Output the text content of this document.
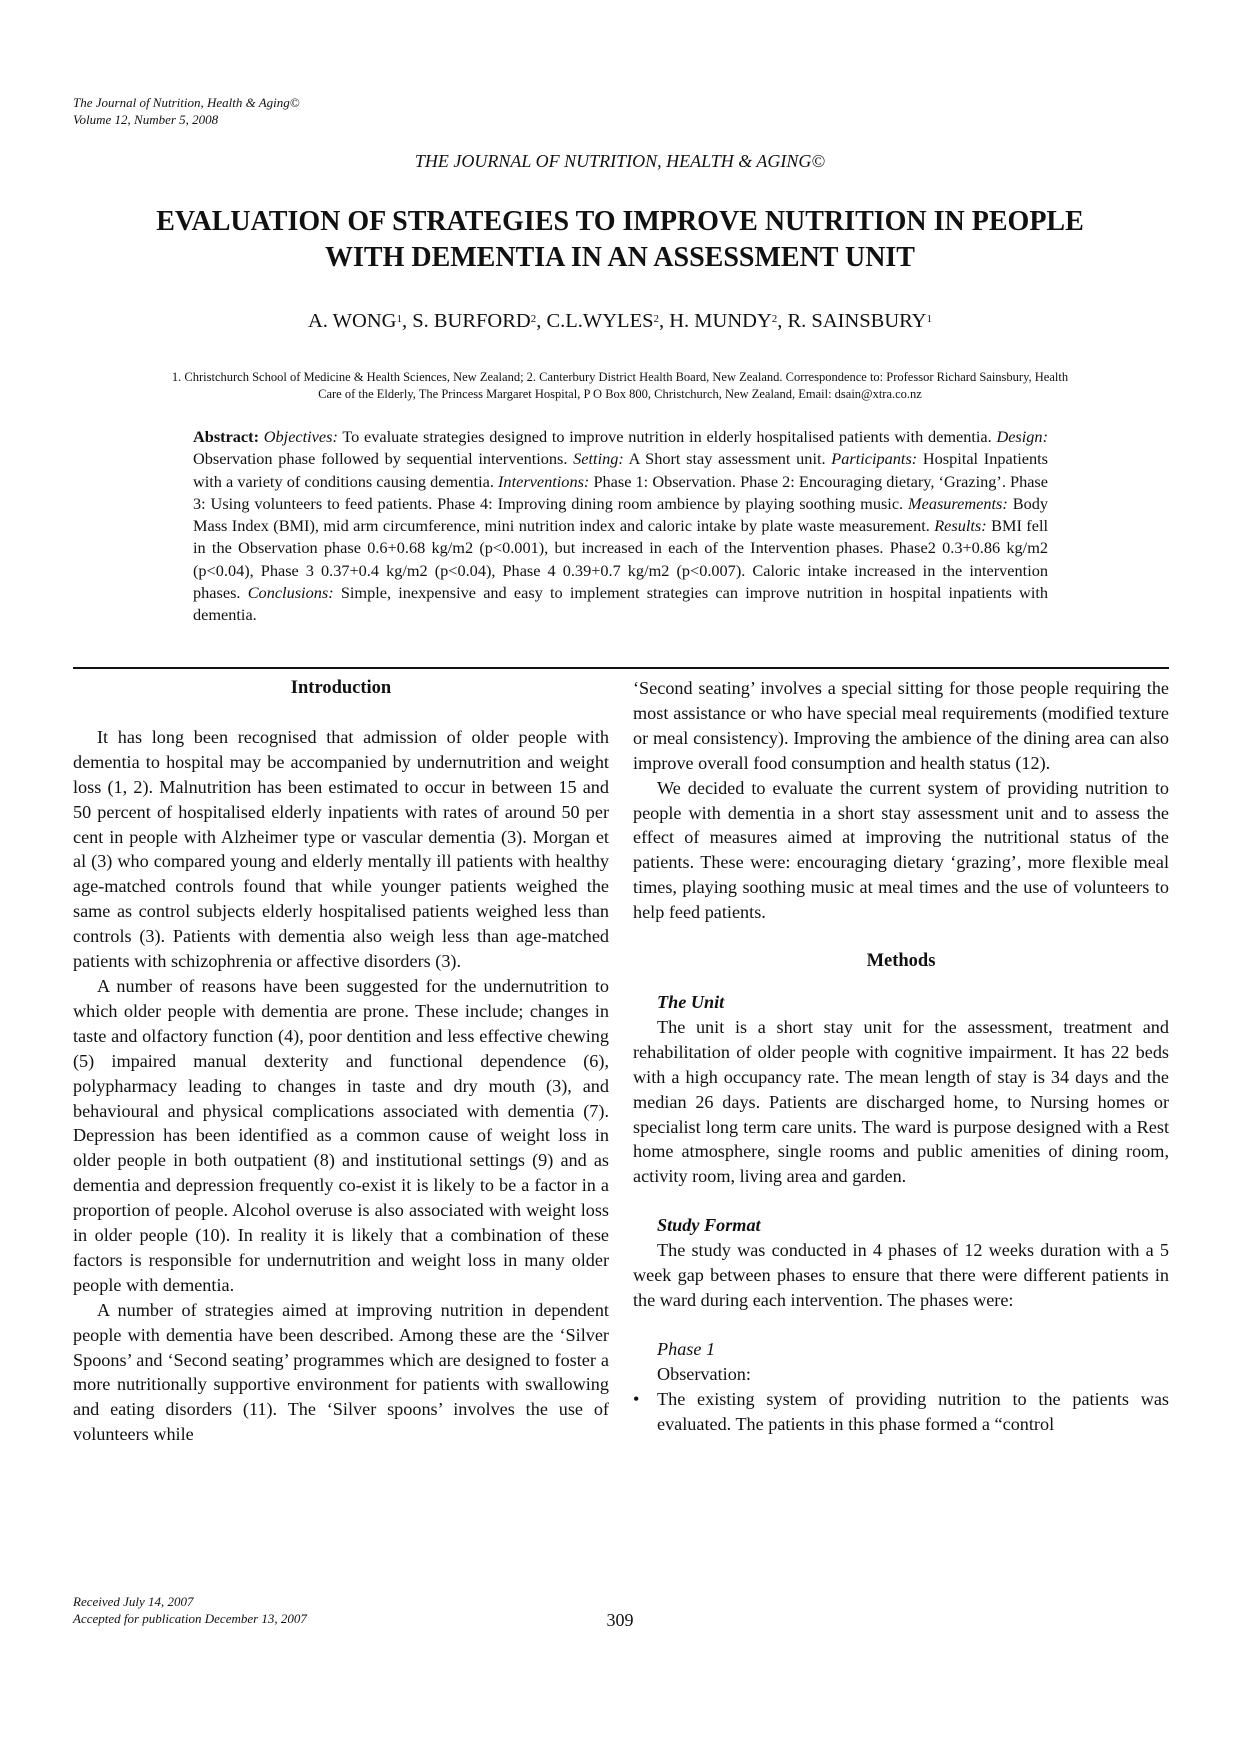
The Journal of Nutrition, Health & Aging©
Volume 12, Number 5, 2008
THE JOURNAL OF NUTRITION, HEALTH & AGING©
EVALUATION OF STRATEGIES TO IMPROVE NUTRITION IN PEOPLE
WITH DEMENTIA IN AN ASSESSMENT UNIT
A. WONG$^1$, S. BURFORD$^2$, C.L.WYLES$^2$, H. MUNDY$^2$, R. SAINSBURY$^1$
1. Christchurch School of Medicine & Health Sciences, New Zealand; 2. Canterbury District Health Board, New Zealand. Correspondence to: Professor Richard Sainsbury, Health
Care of the Elderly, The Princess Margaret Hospital, P O Box 800, Christchurch, New Zealand, Email: dsain@xtra.co.nz
Abstract: Objectives: To evaluate strategies designed to improve nutrition in elderly hospitalised patients with dementia. Design: Observation phase followed by sequential interventions. Setting: A Short stay assessment unit. Participants: Hospital Inpatients with a variety of conditions causing dementia. Interventions: Phase 1: Observation. Phase 2: Encouraging dietary, ‘Grazing’. Phase 3: Using volunteers to feed patients. Phase 4: Improving dining room ambience by playing soothing music. Measurements: Body Mass Index (BMI), mid arm circumference, mini nutrition index and caloric intake by plate waste measurement. Results: BMI fell in the Observation phase 0.6+0.68 kg/m2 (p<0.001), but increased in each of the Intervention phases. Phase2 0.3+0.86 kg/m2 (p<0.04), Phase 3 0.37+0.4 kg/m2 (p<0.04), Phase 4 0.39+0.7 kg/m2 (p<0.007). Caloric intake increased in the intervention phases. Conclusions: Simple, inexpensive and easy to implement strategies can improve nutrition in hospital inpatients with dementia.
Introduction

It has long been recognised that admission of older people with dementia to hospital may be accompanied by undernutrition and weight loss (1, 2). Malnutrition has been estimated to occur in between 15 and 50 percent of hospitalised elderly inpatients with rates of around 50 per cent in people with Alzheimer type or vascular dementia (3). Morgan et al (3) who compared young and elderly mentally ill patients with healthy age-matched controls found that while younger patients weighed the same as control subjects elderly hospitalised patients weighed less than controls (3). Patients with dementia also weigh less than age-matched patients with schizophrenia or affective disorders (3).

A number of reasons have been suggested for the undernutrition to which older people with dementia are prone. These include; changes in taste and olfactory function (4), poor dentition and less effective chewing (5) impaired manual dexterity and functional dependence (6), polypharmacy leading to changes in taste and dry mouth (3), and behavioural and physical complications associated with dementia (7). Depression has been identified as a common cause of weight loss in older people in both outpatient (8) and institutional settings (9) and as dementia and depression frequently co-exist it is likely to be a factor in a proportion of people. Alcohol overuse is also associated with weight loss in older people (10). In reality it is likely that a combination of these factors is responsible for undernutrition and weight loss in many older people with dementia.

A number of strategies aimed at improving nutrition in dependent people with dementia have been described. Among these are the ‘Silver Spoons’ and ‘Second seating’ programmes which are designed to foster a more nutritionally supportive environment for patients with swallowing and eating disorders (11). The ‘Silver spoons’ involves the use of volunteers while

‘Second seating’ involves a special sitting for those people requiring the most assistance or who have special meal requirements (modified texture or meal consistency). Improving the ambience of the dining area can also improve overall food consumption and health status (12).

We decided to evaluate the current system of providing nutrition to people with dementia in a short stay assessment unit and to assess the effect of measures aimed at improving the nutritional status of the patients. These were: encouraging dietary ‘grazing’, more flexible meal times, playing soothing music at meal times and the use of volunteers to help feed patients.

Methods
The Unit

The unit is a short stay unit for the assessment, treatment and rehabilitation of older people with cognitive impairment. It has 22 beds with a high occupancy rate. The mean length of stay is 34 days and the median 26 days. Patients are discharged home, to Nursing homes or specialist long term care units. The ward is purpose designed with a Rest home atmosphere, single rooms and public amenities of dining room, activity room, living area and garden.

Study Format

The study was conducted in 4 phases of 12 weeks duration with a 5 week gap between phases to ensure that there were different patients in the ward during each intervention. The phases were:

Phase 1
Observation:
• The existing system of providing nutrition to the patients was evaluated. The patients in this phase formed a “control
Received July 14, 2007
Accepted for publication December 13, 2007	309
